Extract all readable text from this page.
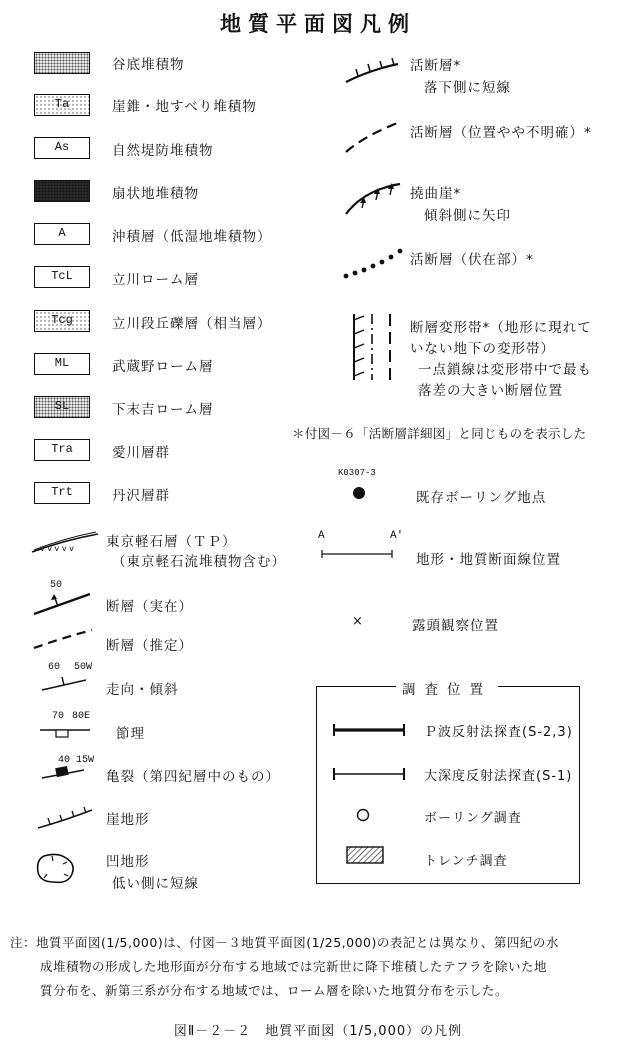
地質平面図凡例
谷底堆積物
Ta	崖錐・地すべり堆積物
As	自然堤防堆積物
扇状地堆積物
A	沖積層（低湿地堆積物）
TcL	立川ローム層
Tcg	立川段丘礫層（相当層）
ML	武蔵野ローム層
SL	下末吉ローム層
Tra	愛川層群
Trt	丹沢層群
v v v v v 東京軽石層（ＴＰ）
（東京軽石流堆積物含む）
50
断層（実在）
断層（推定）
60 50W
走向・傾斜
70 80E
節理
40 15W
亀裂（第四紀層中のもの）
崖地形
凹地形
低い側に短線
活断層*
落下側に短線
活断層（位置やや不明確）*
撓曲崖*
傾斜側に矢印
活断層（伏在部）*
断層変形帯*（地形に現れて
いない地下の変形帯）
一点鎖線は変形帯中で最も
落差の大きい断層位置
＊付図－６「活断層詳細図」と同じものを表示した
K0307-3
既存ボーリング地点
A	A'
地形・地質断面線位置
×	露頭観察位置
調査位置
Ｐ波反射法探査(S-2,3)
大深度反射法探査(S-1)
ボーリング調査
トレンチ調査
注：地質平面図(1/5,000)は、付図－３地質平面図(1/25,000)の表記とは異なり、第四紀の水
成堆積物の形成した地形面が分布する地域では完新世に降下堆積したテフラを除いた地
質分布を、新第三系が分布する地域では、ローム層を除いた地質分布を示した。
図Ⅱ－２－２　地質平面図（1/5,000）の凡例
